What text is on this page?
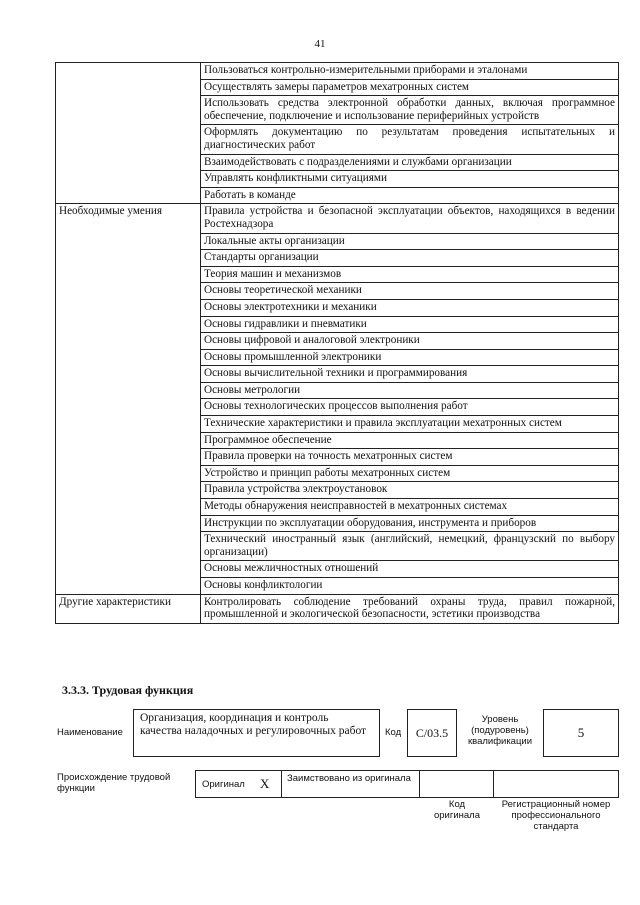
41
	Пользоваться контрольно-измерительными приборами и эталонами
	Осуществлять замеры параметров мехатронных систем
	Использовать средства электронной обработки данных, включая программное обеспечение, подключение и использование периферийных устройств
	Оформлять документацию по результатам проведения испытательных и диагностических работ
	Взаимодействовать с подразделениями и службами организации
	Управлять конфликтными ситуациями
	Работать в команде
Необходимые умения	Правила устройства и безопасной эксплуатации объектов, находящихся в ведении Ростехнадзора
	Локальные акты организации
	Стандарты организации
	Теория машин и механизмов
	Основы теоретической механики
	Основы электротехники и механики
	Основы гидравлики и пневматики
	Основы цифровой и аналоговой электроники
	Основы промышленной электроники
	Основы вычислительной техники и программирования
	Основы метрологии
	Основы технологических процессов выполнения работ
	Технические характеристики и правила эксплуатации мехатронных систем
	Программное обеспечение
	Правила проверки на точность мехатронных систем
	Устройство и принцип работы мехатронных систем
	Правила устройства электроустановок
	Методы обнаружения неисправностей в мехатронных системах
	Инструкции по эксплуатации оборудования, инструмента и приборов
	Технический иностранный язык (английский, немецкий, французский по выбору организации)
	Основы межличностных отношений
	Основы конфликтологии
Другие характеристики	Контролировать соблюдение требований охраны труда, правил пожарной, промышленной и экологической безопасности, эстетики производства
3.3.3. Трудовая функция
Наименование
Организация, координация и контроль качества наладочных и регулировочных работ	Код	C/03.5
Уровень (подуровень) квалификации
5
Происхождение трудовой функции	Оригинал X Заимствовано из оригинала
Код оригинала
Регистрационный номер профессионального стандарта
